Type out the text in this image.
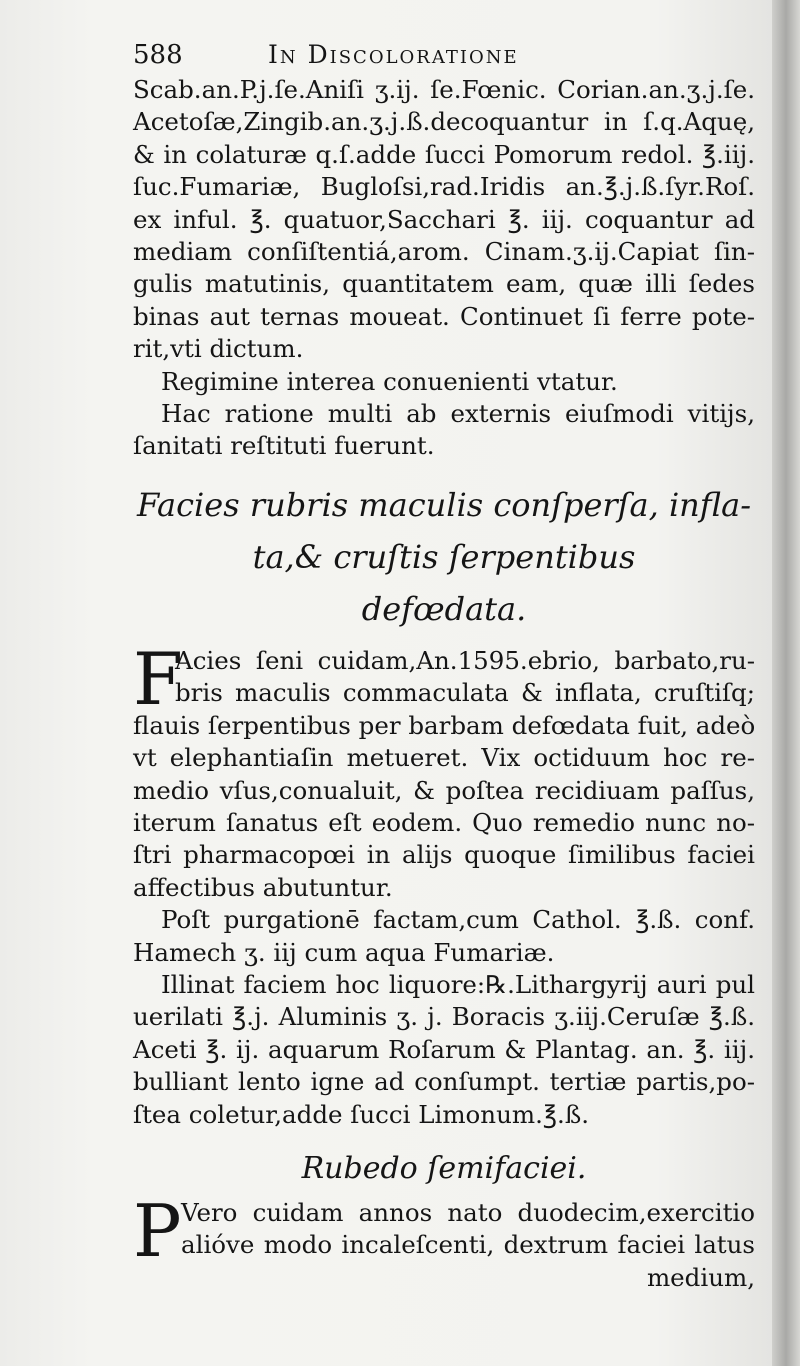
588	In Discoloratione

Scab.an.P.j.ſe.Aniſi ʒ.ij. ſe.Fœnic. Corian.an.ʒ.j.ſe.
Acetoſæ,Zingib.an.ʒ.j.ß.decoquantur in ſ.q.Aquę,
& in colaturæ q.ſ.adde ſucci Pomorum redol. ℥.iij.
ſuc.Fumariæ, Bugloſsi,rad.Iridis an.℥.j.ß.ſyr.Roſ.
ex inful. ℥. quatuor,Sacchari ℥. iij. coquantur ad
mediam conſiſtentiá,arom. Cinam.ʒ.ij.Capiat ſin-
gulis matutinis, quantitatem eam, quæ illi ſedes
binas aut ternas moueat. Continuet ſi ferre pote-
rit,vti dictum.

Regimine interea conuenienti vtatur.

Hac ratione multi ab externis eiuſmodi vitijs,
ſanitati reſtituti fuerunt.

Facies rubris maculis conſperſa, infla-
ta,& cruſtis ſerpentibus
defœdata.
F

Acies ſeni cuidam,An.1595.ebrio, barbato,ru-
bris maculis commaculata & inflata, cruſtiſq;
flauis ſerpentibus per barbam defœdata fuit, adeò
vt elephantiaſin metueret. Vix octiduum hoc re-
medio vſus,conualuit, & poſtea recidiuam paſſus,
iterum ſanatus eſt eodem. Quo remedio nunc no-
ſtri pharmacopœi in alijs quoque ſimilibus faciei
affectibus abutuntur.

Poſt purgationē factam,cum Cathol. ℥.ß. conf.
Hamech ʒ. iij cum aqua Fumariæ.

Illinat faciem hoc liquore:℞.Lithargyrij auri pul
uerilati ℥.j. Aluminis ʒ. j. Boracis ʒ.iij.Ceruſæ ℥.ß.
Aceti ℥. ij. aquarum Roſarum & Plantag. an. ℥. iij.
bulliant lento igne ad conſumpt. tertiæ partis,po-
ſtea coletur,adde ſucci Limonum.℥.ß.

Rubedo ſemifaciei.
P Vero cuidam annos nato duodecim,exercitio
alióve modo incaleſcenti, dextrum faciei latus
medium,
